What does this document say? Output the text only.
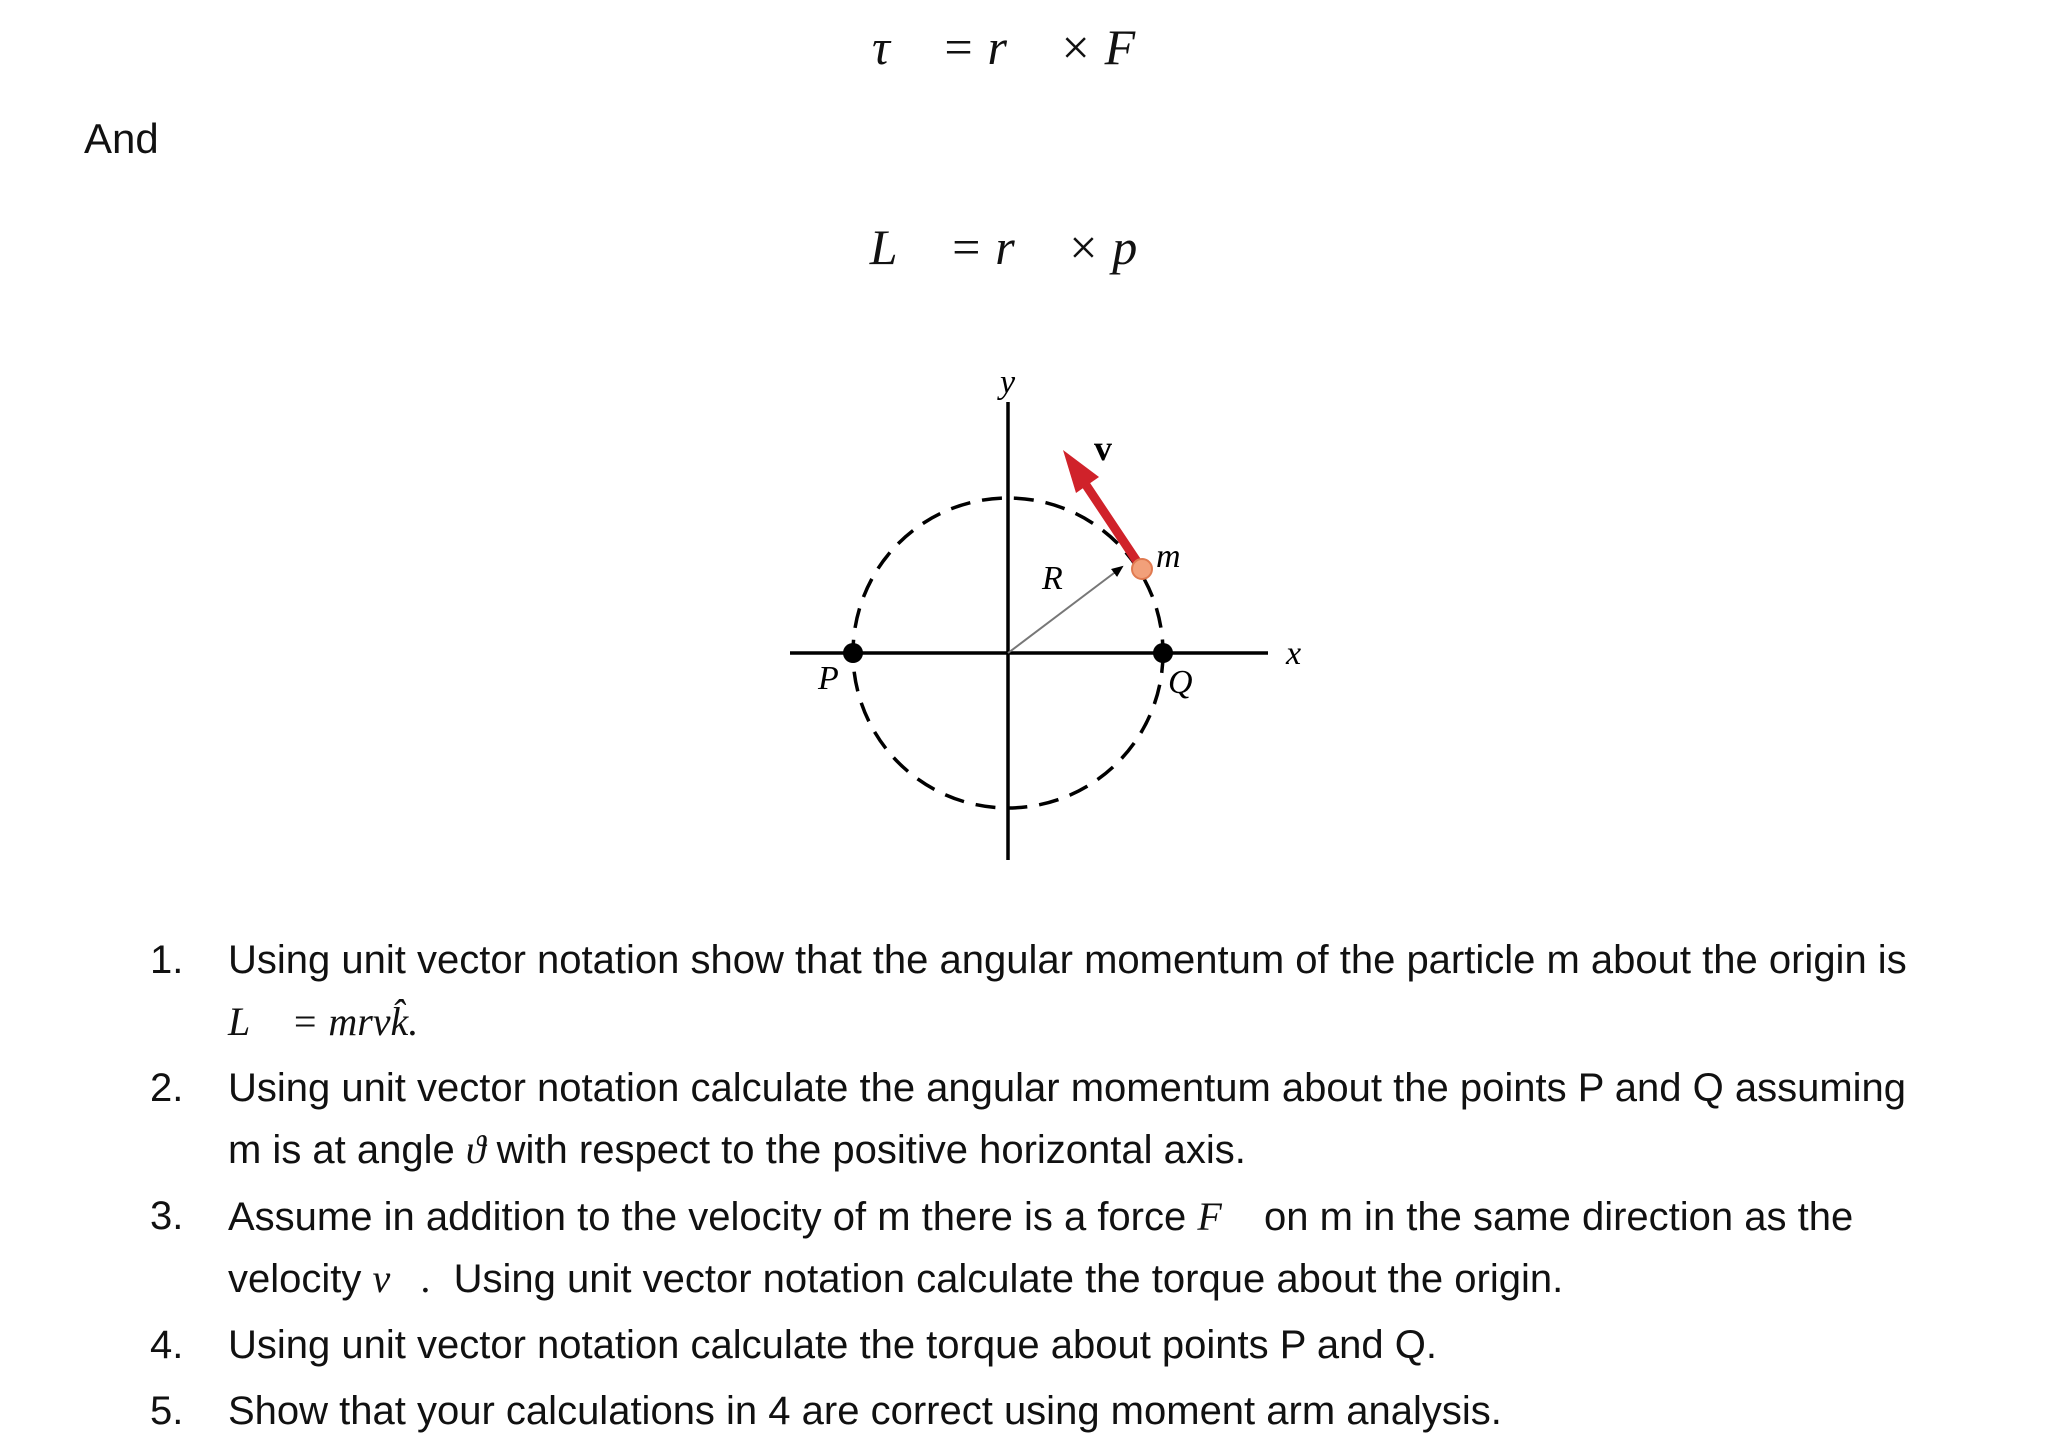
τ⃗ = r⃗ × F⃗
And
L⃗ = r⃗ × p⃗
y
x
v⃗
m
R
P	Q
1. Using unit vector notation show that the angular momentum of the particle m about the origin is L⃗ = mrvk̂.
2. Using unit vector notation calculate the angular momentum about the points P and Q assuming m is at angle ϑ with respect to the positive horizontal axis.
3. Assume in addition to the velocity of m there is a force F⃗ on m in the same direction as the velocity v⃗.  Using unit vector notation calculate the torque about the origin.
4. Using unit vector notation calculate the torque about points P and Q.
5. Show that your calculations in 4 are correct using moment arm analysis.
